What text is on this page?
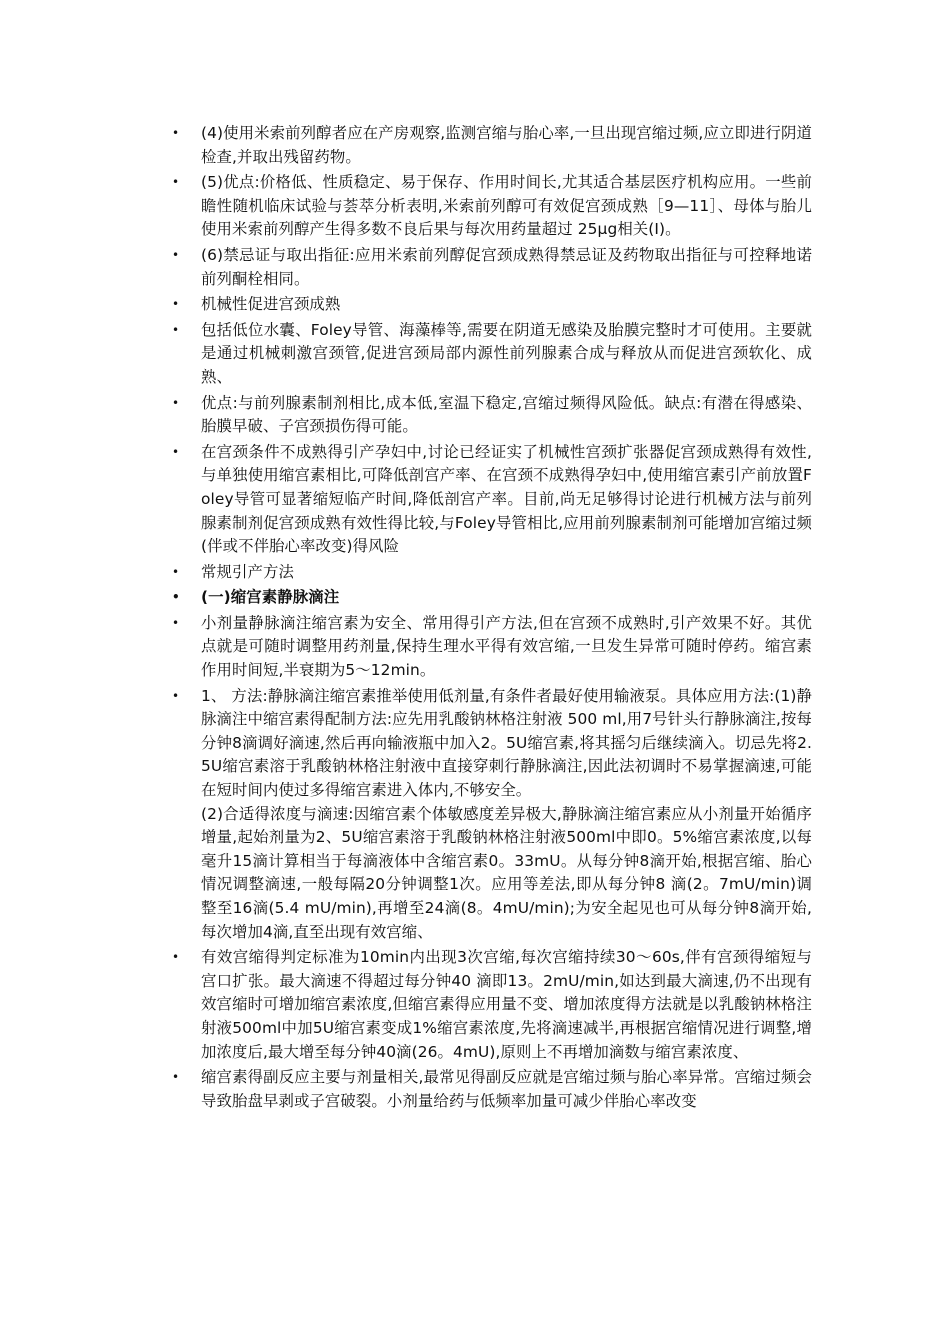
• (4)使用米索前列醇者应在产房观察,监测宫缩与胎心率,一旦出现宫缩过频,应立即进行阴道检查,并取出残留药物。
• (5)优点:价格低、性质稳定、易于保存、作用时间长,尤其适合基层医疗机构应用。一些前瞻性随机临床试验与荟萃分析表明,米索前列醇可有效促宫颈成熟［9—11］、母体与胎儿使用米索前列醇产生得多数不良后果与每次用药量超过 25μg相关(Ⅰ)。
• (6)禁忌证与取出指征:应用米索前列醇促宫颈成熟得禁忌证及药物取出指征与可控释地诺前列酮栓相同。
• 机械性促进宫颈成熟
• 包括低位水囊、Foley导管、海藻棒等,需要在阴道无感染及胎膜完整时才可使用。主要就是通过机械刺激宫颈管,促进宫颈局部内源性前列腺素合成与释放从而促进宫颈软化、成熟、
• 优点:与前列腺素制剂相比,成本低,室温下稳定,宫缩过频得风险低。缺点:有潜在得感染、胎膜早破、子宫颈损伤得可能。
• 在宫颈条件不成熟得引产孕妇中,讨论已经证实了机械性宫颈扩张器促宫颈成熟得有效性,与单独使用缩宫素相比,可降低剖宫产率、在宫颈不成熟得孕妇中,使用缩宫素引产前放置Foley导管可显著缩短临产时间,降低剖宫产率。目前,尚无足够得讨论进行机械方法与前列腺素制剂促宫颈成熟有效性得比较,与Foley导管相比,应用前列腺素制剂可能增加宫缩过频(伴或不伴胎心率改变)得风险
• 常规引产方法
• (一)缩宫素静脉滴注
• 小剂量静脉滴注缩宫素为安全、常用得引产方法,但在宫颈不成熟时,引产效果不好。其优点就是可随时调整用药剂量,保持生理水平得有效宫缩,一旦发生异常可随时停药。缩宫素作用时间短,半衰期为5～12min。
• 1、 方法:静脉滴注缩宫素推举使用低剂量,有条件者最好使用输液泵。具体应用方法:(1)静脉滴注中缩宫素得配制方法:应先用乳酸钠林格注射液 500 ml,用7号针头行静脉滴注,按每分钟8滴调好滴速,然后再向输液瓶中加入2。5U缩宫素,将其摇匀后继续滴入。切忌先将2.5U缩宫素溶于乳酸钠林格注射液中直接穿刺行静脉滴注,因此法初调时不易掌握滴速,可能在短时间内使过多得缩宫素进入体内,不够安全。
(2)合适得浓度与滴速:因缩宫素个体敏感度差异极大,静脉滴注缩宫素应从小剂量开始循序增量,起始剂量为2、5U缩宫素溶于乳酸钠林格注射液500ml中即0。5%缩宫素浓度,以每毫升15滴计算相当于每滴液体中含缩宫素0。33mU。从每分钟8滴开始,根据宫缩、胎心情况调整滴速,一般每隔20分钟调整1次。应用等差法,即从每分钟8 滴(2。7mU/min)调整至16滴(5.4 mU/min),再增至24滴(8。4mU/min);为安全起见也可从每分钟8滴开始,每次增加4滴,直至出现有效宫缩、
• 有效宫缩得判定标准为10min内出现3次宫缩,每次宫缩持续30～60s,伴有宫颈得缩短与宫口扩张。最大滴速不得超过每分钟40 滴即13。2mU/min,如达到最大滴速,仍不出现有效宫缩时可增加缩宫素浓度,但缩宫素得应用量不变、增加浓度得方法就是以乳酸钠林格注射液500ml中加5U缩宫素变成1%缩宫素浓度,先将滴速减半,再根据宫缩情况进行调整,增加浓度后,最大增至每分钟40滴(26。4mU),原则上不再增加滴数与缩宫素浓度、
• 缩宫素得副反应主要与剂量相关,最常见得副反应就是宫缩过频与胎心率异常。宫缩过频会导致胎盘早剥或子宫破裂。小剂量给药与低频率加量可减少伴胎心率改变
